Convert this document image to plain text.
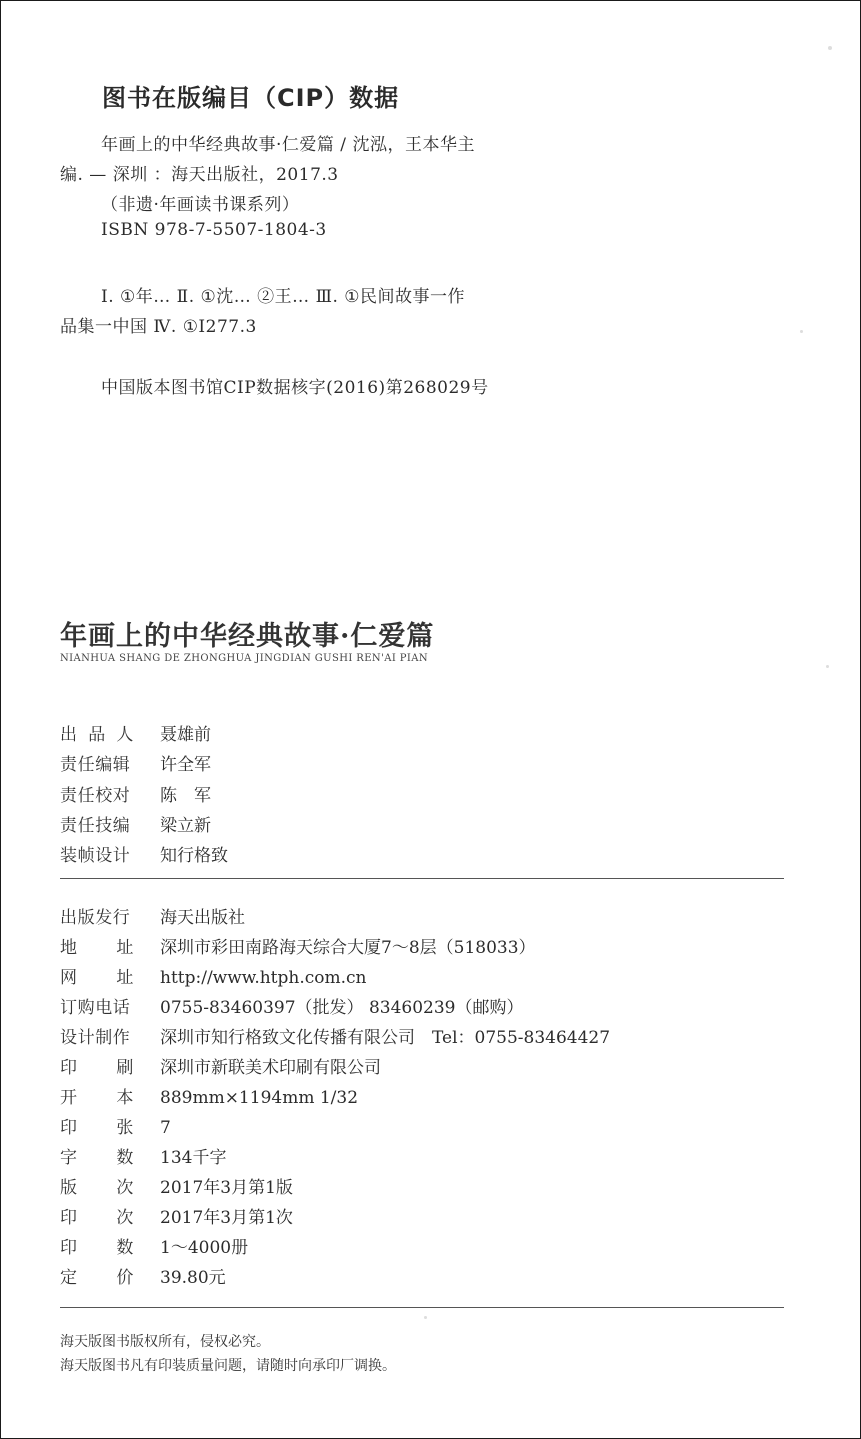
图书在版编目（CIP）数据
年画上的中华经典故事·仁爱篇 / 沈泓，王本华主
编. — 深圳 ：海天出版社，2017.3
（非遗·年画读书课系列）
ISBN 978-7-5507-1804-3
Ⅰ. ①年… Ⅱ. ①沈… ②王… Ⅲ. ①民间故事一作
品集一中国 Ⅳ. ①I277.3
中国版本图书馆CIP数据核字(2016)第268029号
年画上的中华经典故事·仁爱篇
NIANHUA SHANG DE ZHONGHUA JINGDIAN GUSHI REN'AI PIAN
出 品 人 聂雄前
责任编辑 许全军
责任校对 陈　军
责任技编 梁立新
装帧设计 知行格致
出版发行 海天出版社
地 址 深圳市彩田南路海天综合大厦7～8层（518033）
网 址 http://www.htph.com.cn
订购电话 0755-83460397（批发） 83460239（邮购）
设计制作 深圳市知行格致文化传播有限公司　Tel：0755-83464427
印 刷 深圳市新联美术印刷有限公司
开 本 889mm×1194mm 1/32
印 张 7
字 数 134千字
版 次 2017年3月第1版
印 次 2017年3月第1次
印 数 1～4000册
定 价 39.80元
海天版图书版权所有，侵权必究。
海天版图书凡有印装质量问题，请随时向承印厂调换。
